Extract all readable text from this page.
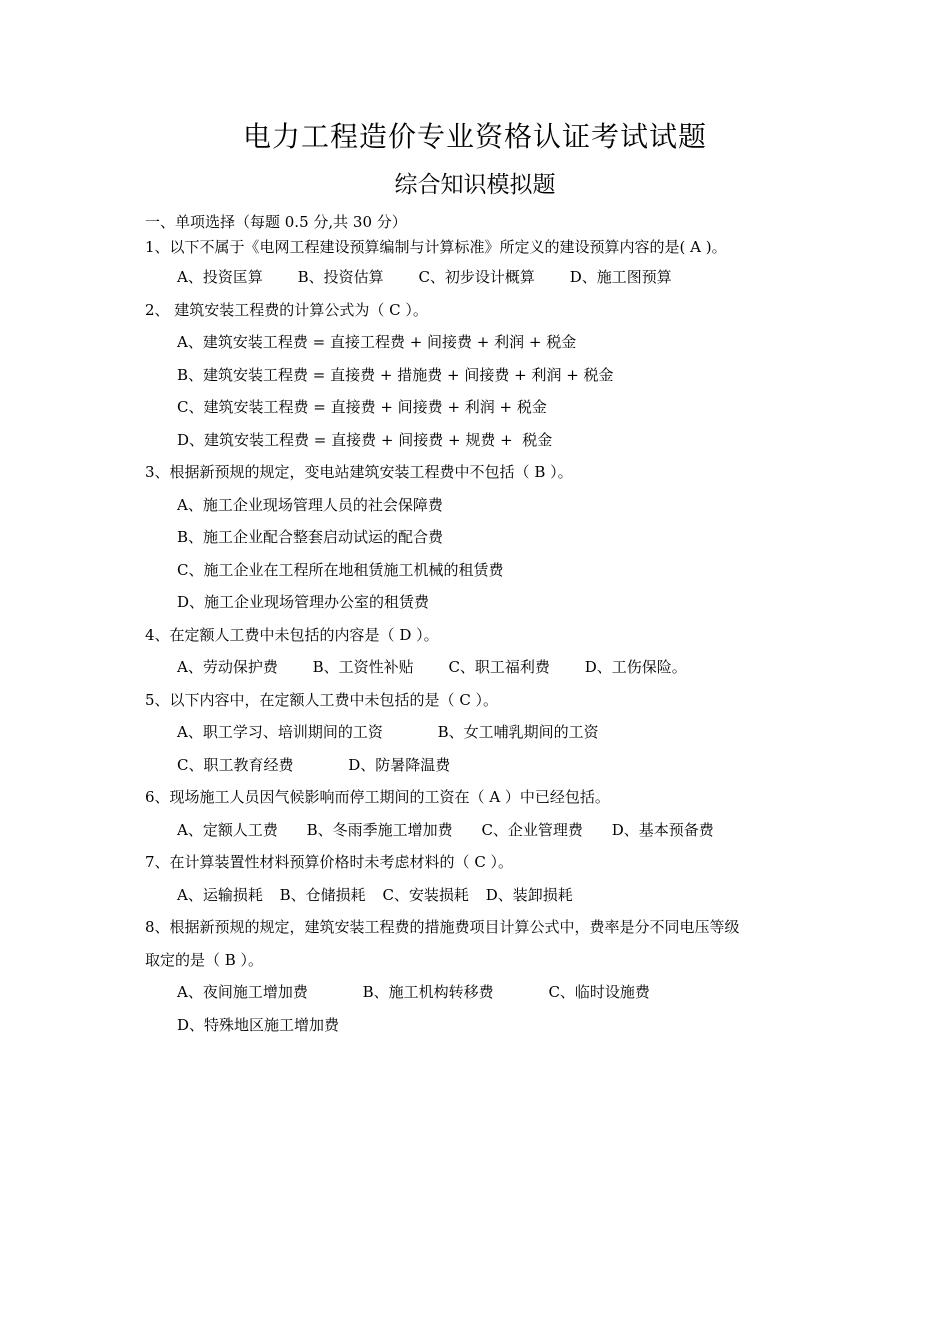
电力工程造价专业资格认证考试试题
综合知识模拟题
一、单项选择（每题 0.5 分,共 30 分）
1、以下不属于《电网工程建设预算编制与计算标准》所定义的建设预算内容的是( A )。
A、投资匡算 B、投资估算 C、初步设计概算 D、施工图预算
2、 建筑安装工程费的计算公式为（ C ）。
A、建筑安装工程费 = 直接工程费 + 间接费 + 利润 + 税金
B、建筑安装工程费 = 直接费 + 措施费 + 间接费 + 利润 + 税金
C、建筑安装工程费 = 直接费 + 间接费 + 利润 + 税金
D、建筑安装工程费 = 直接费 + 间接费 + 规费 +  税金
3、根据新预规的规定，变电站建筑安装工程费中不包括（ B ）。
A、施工企业现场管理人员的社会保障费
B、施工企业配合整套启动试运的配合费
C、施工企业在工程所在地租赁施工机械的租赁费
D、施工企业现场管理办公室的租赁费
4、在定额人工费中未包括的内容是（ D ）。
A、劳动保护费 B、工资性补贴 C、职工福利费 D、工伤保险。
5、以下内容中，在定额人工费中未包括的是（ C ）。
A、职工学习、培训期间的工资	B、女工哺乳期间的工资
C、职工教育经费	D、防暑降温费
6、现场施工人员因气候影响而停工期间的工资在（ A ）中已经包括。
A、定额人工费 B、冬雨季施工增加费 C、企业管理费 D、基本预备费
7、在计算装置性材料预算价格时未考虑材料的（ C ）。
A、运输损耗 B、仓储损耗 C、安装损耗 D、装卸损耗
8、根据新预规的规定，建筑安装工程费的措施费项目计算公式中，费率是分不同电压等级
取定的是（ B ）。
A、夜间施工增加费	B、施工机构转移费	C、临时设施费
D、特殊地区施工增加费
